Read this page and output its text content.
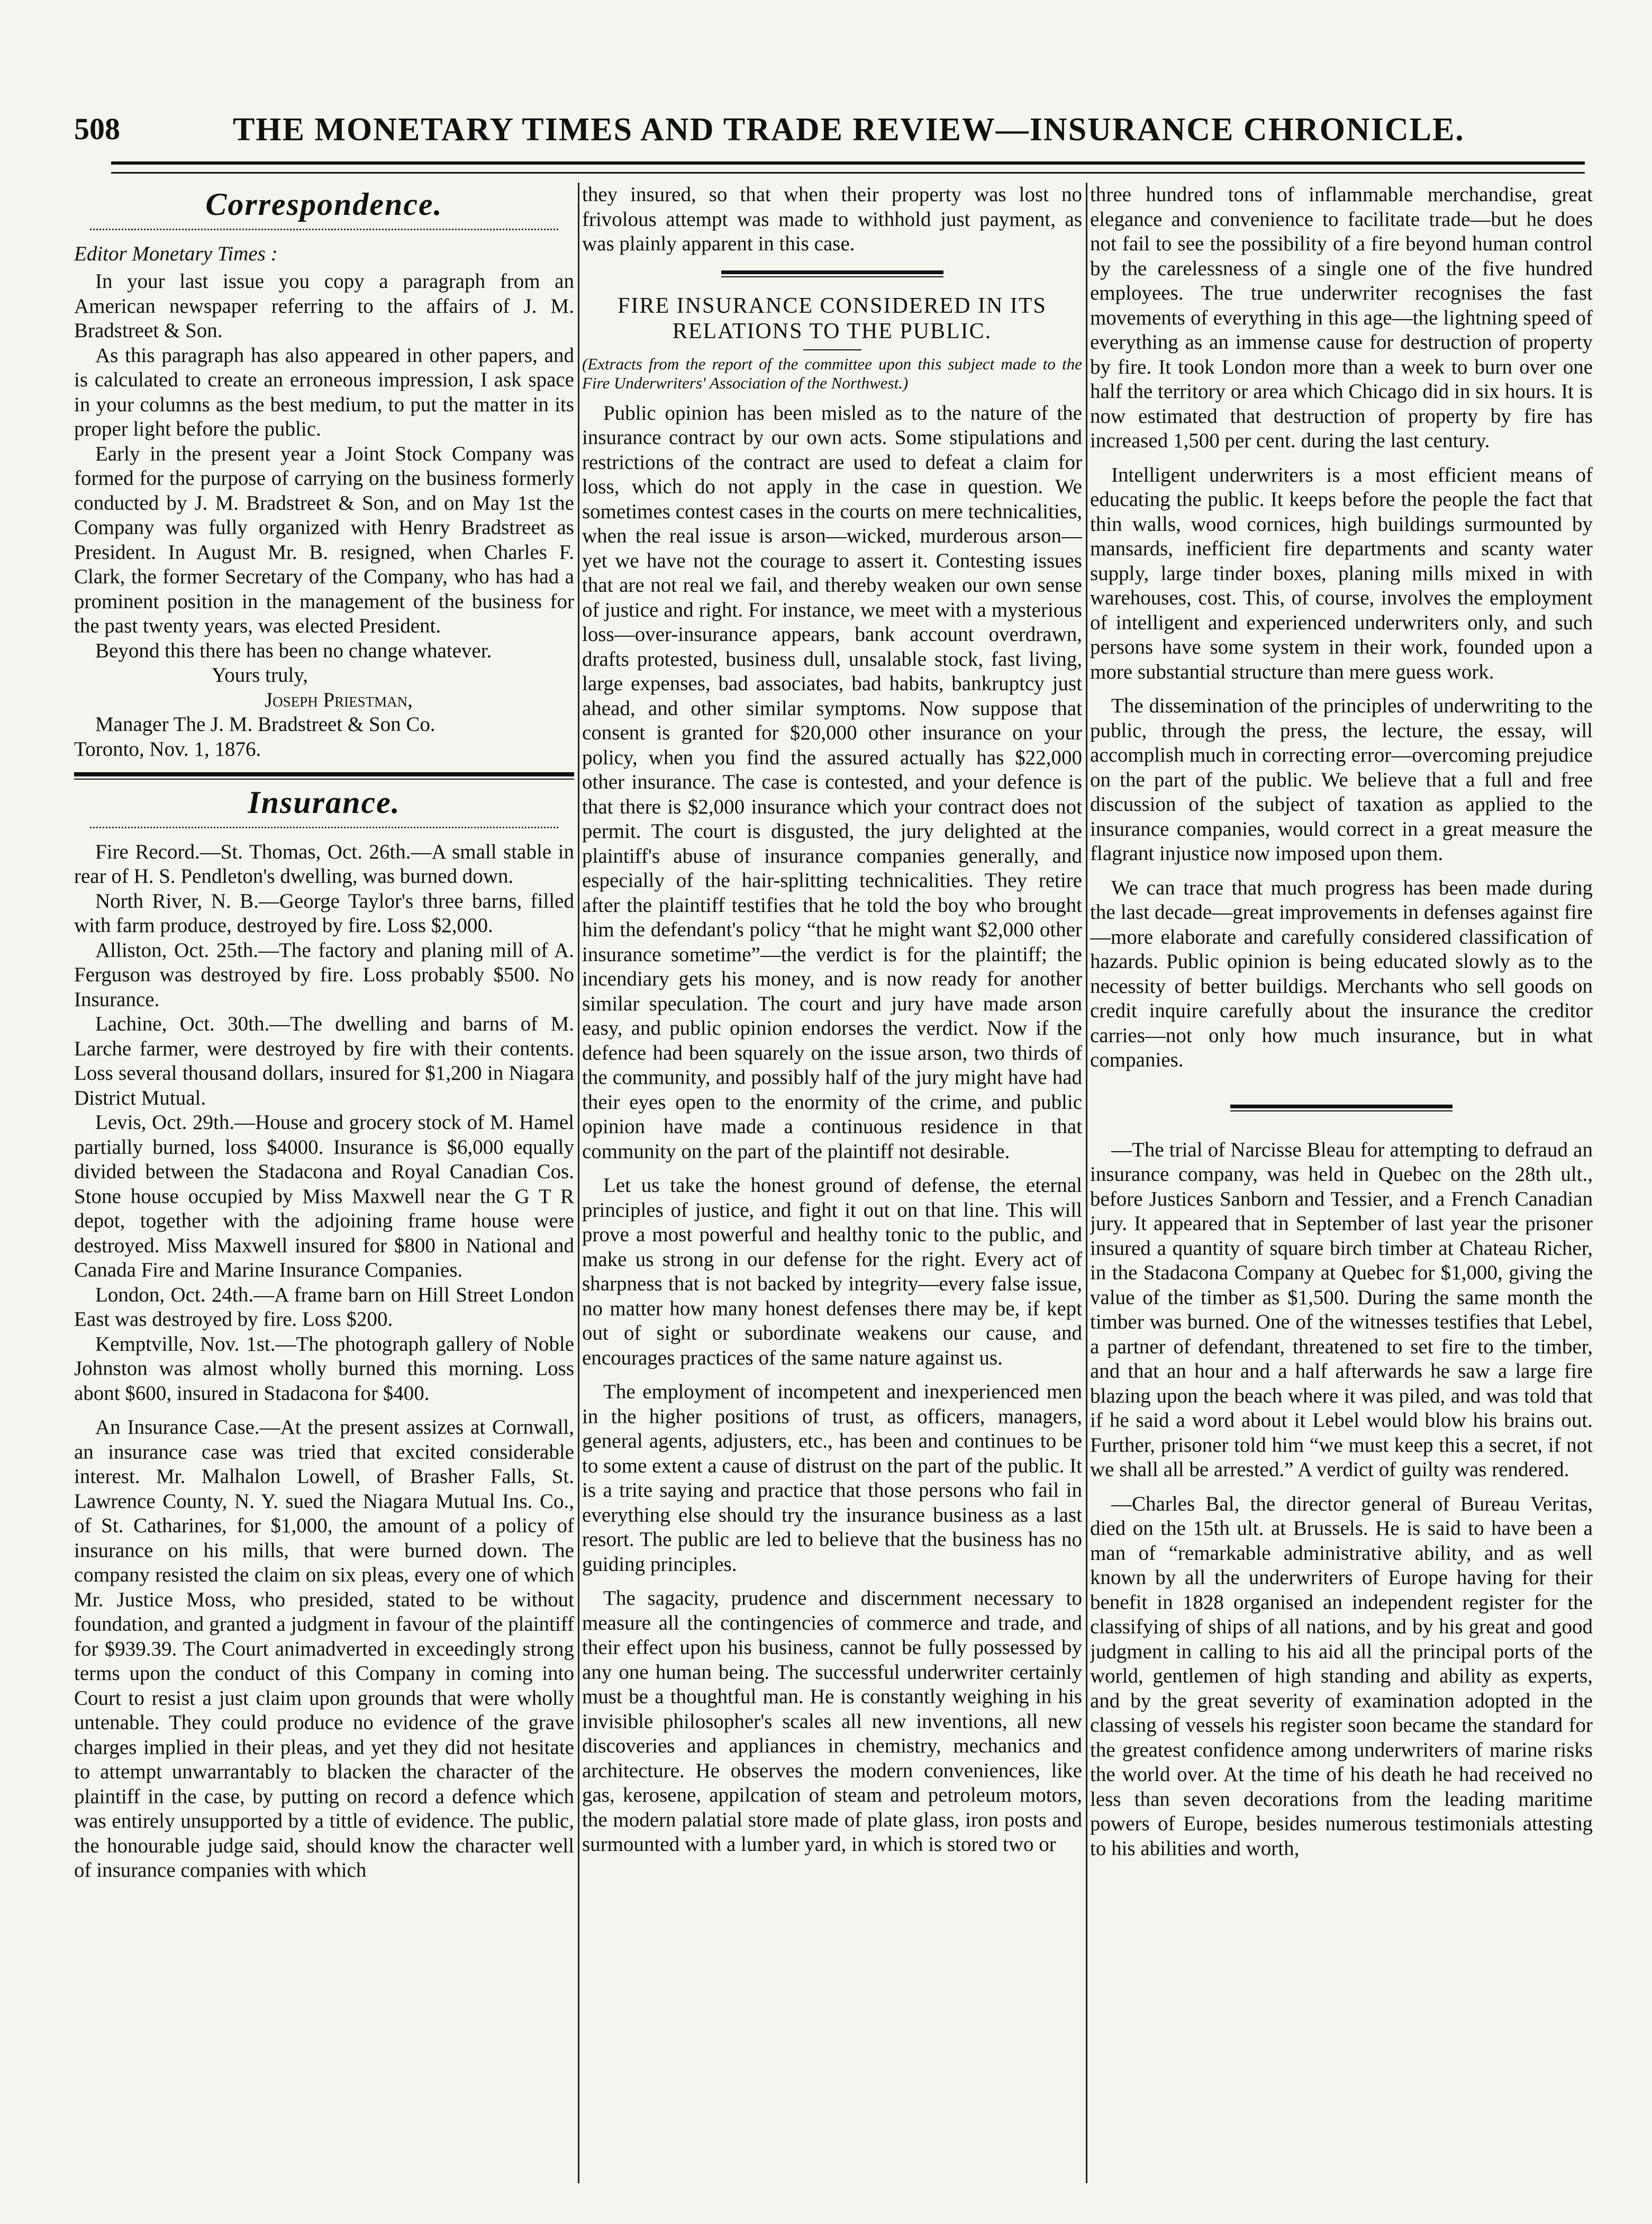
508	THE MONETARY TIMES AND TRADE REVIEW—INSURANCE CHRONICLE.
Correspondence.

Editor Monetary Times :

In your last issue you copy a paragraph from an American newspaper referring to the affairs of J. M. Bradstreet & Son.

As this paragraph has also appeared in other papers, and is calculated to create an erroneous impression, I ask space in your columns as the best medium, to put the matter in its proper light before the public.

Early in the present year a Joint Stock Company was formed for the purpose of carrying on the business formerly conducted by J. M. Bradstreet & Son, and on May 1st the Company was fully organized with Henry Bradstreet as President. In August Mr. B. resigned, when Charles F. Clark, the former Secretary of the Company, who has had a prominent position in the management of the business for the past twenty years, was elected President.

Beyond this there has been no change whatever.

Yours truly,

Joseph Priestman,

Manager The J. M. Bradstreet & Son Co.

Toronto, Nov. 1, 1876.

Insurance.

Fire Record.—St. Thomas, Oct. 26th.—A small stable in rear of H. S. Pendleton's dwelling, was burned down.

North River, N. B.—George Taylor's three barns, filled with farm produce, destroyed by fire. Loss $2,000.

Alliston, Oct. 25th.—The factory and planing mill of A. Ferguson was destroyed by fire. Loss probably $500. No Insurance.

Lachine, Oct. 30th.—The dwelling and barns of M. Larche farmer, were destroyed by fire with their contents. Loss several thousand dollars, insured for $1,200 in Niagara District Mutual.

Levis, Oct. 29th.—House and grocery stock of M. Hamel partially burned, loss $4000. Insurance is $6,000 equally divided between the Stadacona and Royal Canadian Cos. Stone house occupied by Miss Maxwell near the G T R depot, together with the adjoining frame house were destroyed. Miss Maxwell insured for $800 in National and Canada Fire and Marine Insurance Companies.

London, Oct. 24th.—A frame barn on Hill Street London East was destroyed by fire. Loss $200.

Kemptville, Nov. 1st.—The photograph gallery of Noble Johnston was almost wholly burned this morning. Loss abont $600, insured in Stadacona for $400.

An Insurance Case.—At the present assizes at Cornwall, an insurance case was tried that excited considerable interest. Mr. Malhalon Lowell, of Brasher Falls, St. Lawrence County, N. Y. sued the Niagara Mutual Ins. Co., of St. Catharines, for $1,000, the amount of a policy of insurance on his mills, that were burned down. The company resisted the claim on six pleas, every one of which Mr. Justice Moss, who presided, stated to be without foundation, and granted a judgment in favour of the plaintiff for $939.39. The Court animadverted in exceedingly strong terms upon the conduct of this Company in coming into Court to resist a just claim upon grounds that were wholly untenable. They could produce no evidence of the grave charges implied in their pleas, and yet they did not hesitate to attempt unwarrantably to blacken the character of the plaintiff in the case, by putting on record a defence which was entirely unsupported by a tittle of evidence. The public, the honourable judge said, should know the character well of insurance companies with which

they insured, so that when their property was lost no frivolous attempt was made to withhold just payment, as was plainly apparent in this case.

FIRE INSURANCE CONSIDERED IN ITS RELATIONS TO THE PUBLIC.
(Extracts from the report of the committee upon this subject made to the Fire Underwriters' Association of the Northwest.)

Public opinion has been misled as to the nature of the insurance contract by our own acts. Some stipulations and restrictions of the contract are used to defeat a claim for loss, which do not apply in the case in question. We sometimes contest cases in the courts on mere technicalities, when the real issue is arson—wicked, murderous arson—yet we have not the courage to assert it. Contesting issues that are not real we fail, and thereby weaken our own sense of justice and right. For instance, we meet with a mysterious loss—over-insurance appears, bank account overdrawn, drafts protested, business dull, unsalable stock, fast living, large expenses, bad associates, bad habits, bankruptcy just ahead, and other similar symptoms. Now suppose that consent is granted for $20,000 other insurance on your policy, when you find the assured actually has $22,000 other insurance. The case is contested, and your defence is that there is $2,000 insurance which your contract does not permit. The court is disgusted, the jury delighted at the plaintiff's abuse of insurance companies generally, and especially of the hair-splitting technicalities. They retire after the plaintiff testifies that he told the boy who brought him the defendant's policy “that he might want $2,000 other insurance sometime”—the verdict is for the plaintiff; the incendiary gets his money, and is now ready for another similar speculation. The court and jury have made arson easy, and public opinion endorses the verdict. Now if the defence had been squarely on the issue arson, two thirds of the community, and possibly half of the jury might have had their eyes open to the enormity of the crime, and public opinion have made a continuous residence in that community on the part of the plaintiff not desirable.

Let us take the honest ground of defense, the eternal principles of justice, and fight it out on that line. This will prove a most powerful and healthy tonic to the public, and make us strong in our defense for the right. Every act of sharpness that is not backed by integrity—every false issue, no matter how many honest defenses there may be, if kept out of sight or subordinate weakens our cause, and encourages practices of the same nature against us.

The employment of incompetent and inexperienced men in the higher positions of trust, as officers, managers, general agents, adjusters, etc., has been and continues to be to some extent a cause of distrust on the part of the public. It is a trite saying and practice that those persons who fail in everything else should try the insurance business as a last resort. The public are led to believe that the business has no guiding principles.

The sagacity, prudence and discernment necessary to measure all the contingencies of commerce and trade, and their effect upon his business, cannot be fully possessed by any one human being. The successful underwriter certainly must be a thoughtful man. He is constantly weighing in his invisible philosopher's scales all new inventions, all new discoveries and appliances in chemistry, mechanics and architecture. He observes the modern conveniences, like gas, kerosene, appilcation of steam and petroleum motors, the modern palatial store made of plate glass, iron posts and surmounted with a lumber yard, in which is stored two or

three hundred tons of inflammable merchandise, great elegance and convenience to facilitate trade—but he does not fail to see the possibility of a fire beyond human control by the carelessness of a single one of the five hundred employees. The true underwriter recognises the fast movements of everything in this age—the lightning speed of everything as an immense cause for destruction of property by fire. It took London more than a week to burn over one half the territory or area which Chicago did in six hours. It is now estimated that destruction of property by fire has increased 1,500 per cent. during the last century.

Intelligent underwriters is a most efficient means of educating the public. It keeps before the people the fact that thin walls, wood cornices, high buildings surmounted by mansards, inefficient fire departments and scanty water supply, large tinder boxes, planing mills mixed in with warehouses, cost. This, of course, involves the employment of intelligent and experienced underwriters only, and such persons have some system in their work, founded upon a more substantial structure than mere guess work.

The dissemination of the principles of underwriting to the public, through the press, the lecture, the essay, will accomplish much in correcting error—overcoming prejudice on the part of the public. We believe that a full and free discussion of the subject of taxation as applied to the insurance companies, would correct in a great measure the flagrant injustice now imposed upon them.

We can trace that much progress has been made during the last decade—great improvements in defenses against fire—more elaborate and carefully considered classification of hazards. Public opinion is being educated slowly as to the necessity of better buildigs. Merchants who sell goods on credit inquire carefully about the insurance the creditor carries—not only how much insurance, but in what companies.

—The trial of Narcisse Bleau for attempting to defraud an insurance company, was held in Quebec on the 28th ult., before Justices Sanborn and Tessier, and a French Canadian jury. It appeared that in September of last year the prisoner insured a quantity of square birch timber at Chateau Richer, in the Stadacona Company at Quebec for $1,000, giving the value of the timber as $1,500. During the same month the timber was burned. One of the witnesses testifies that Lebel, a partner of defendant, threatened to set fire to the timber, and that an hour and a half afterwards he saw a large fire blazing upon the beach where it was piled, and was told that if he said a word about it Lebel would blow his brains out. Further, prisoner told him “we must keep this a secret, if not we shall all be arrested.” A verdict of guilty was rendered.

—Charles Bal, the director general of Bureau Veritas, died on the 15th ult. at Brussels. He is said to have been a man of “remarkable administrative ability, and as well known by all the underwriters of Europe having for their benefit in 1828 organised an independent register for the classifying of ships of all nations, and by his great and good judgment in calling to his aid all the principal ports of the world, gentlemen of high standing and ability as experts, and by the great severity of examination adopted in the classing of vessels his register soon became the standard for the greatest confidence among underwriters of marine risks the world over. At the time of his death he had received no less than seven decorations from the leading maritime powers of Europe, besides numerous testimonials attesting to his abilities and worth,
